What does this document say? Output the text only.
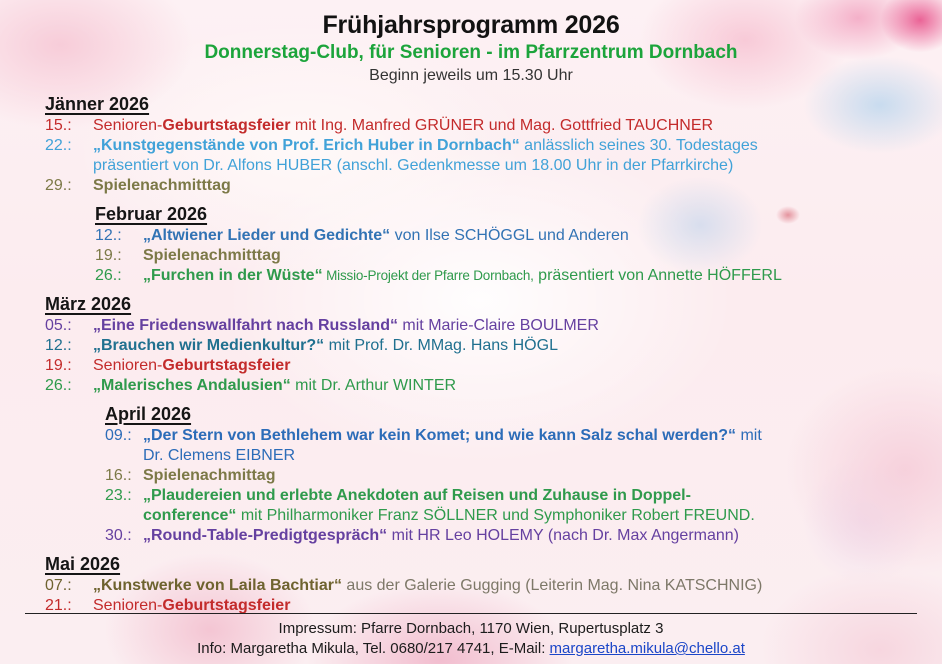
Frühjahrsprogramm 2026
Donnerstag-Club, für Senioren - im Pfarrzentrum Dornbach
Beginn jeweils um 15.30 Uhr
Jänner 2026
15.:	Senioren-Geburtstagsfeier mit Ing. Manfred GRÜNER und Mag. Gottfried TAUCHNER
22.:	„Kunstgegenstände von Prof. Erich Huber in Dornbach“ anlässlich seines 30. Todestages
präsentiert von Dr. Alfons HUBER (anschl. Gedenkmesse um 18.00 Uhr in der Pfarrkirche)
29.:	Spielenachmitttag
Februar 2026
12.:	„Altwiener Lieder und Gedichte“ von Ilse SCHÖGGL und Anderen
19.:	Spielenachmitttag
26.:	„Furchen in der Wüste“ Missio-Projekt der Pfarre Dornbach, präsentiert von Annette HÖFFERL
März 2026
05.:	„Eine Friedenswallfahrt nach Russland“ mit Marie-Claire BOULMER
12.:	„Brauchen wir Medienkultur?“ mit Prof. Dr. MMag. Hans HÖGL
19.:	Senioren-Geburtstagsfeier
26.:	„Malerisches Andalusien“ mit Dr. Arthur WINTER
April 2026
09.: „Der Stern von Bethlehem war kein Komet; und wie kann Salz schal werden?“ mit
Dr. Clemens EIBNER
16.: Spielenachmittag
23.: „Plaudereien und erlebte Anekdoten auf Reisen und Zuhause in Doppel-
conference“ mit Philharmoniker Franz SÖLLNER und Symphoniker Robert FREUND.
30.: „Round-Table-Predigtgespräch“ mit HR Leo HOLEMY (nach Dr. Max Angermann)
Mai 2026
07.:	„Kunstwerke von Laila Bachtiar“ aus der Galerie Gugging (Leiterin Mag. Nina KATSCHNIG)
21.:	Senioren-Geburtstagsfeier
Impressum: Pfarre Dornbach, 1170 Wien, Rupertusplatz 3
Info: Margaretha Mikula, Tel. 0680/217 4741, E-Mail: margaretha.mikula@chello.at
